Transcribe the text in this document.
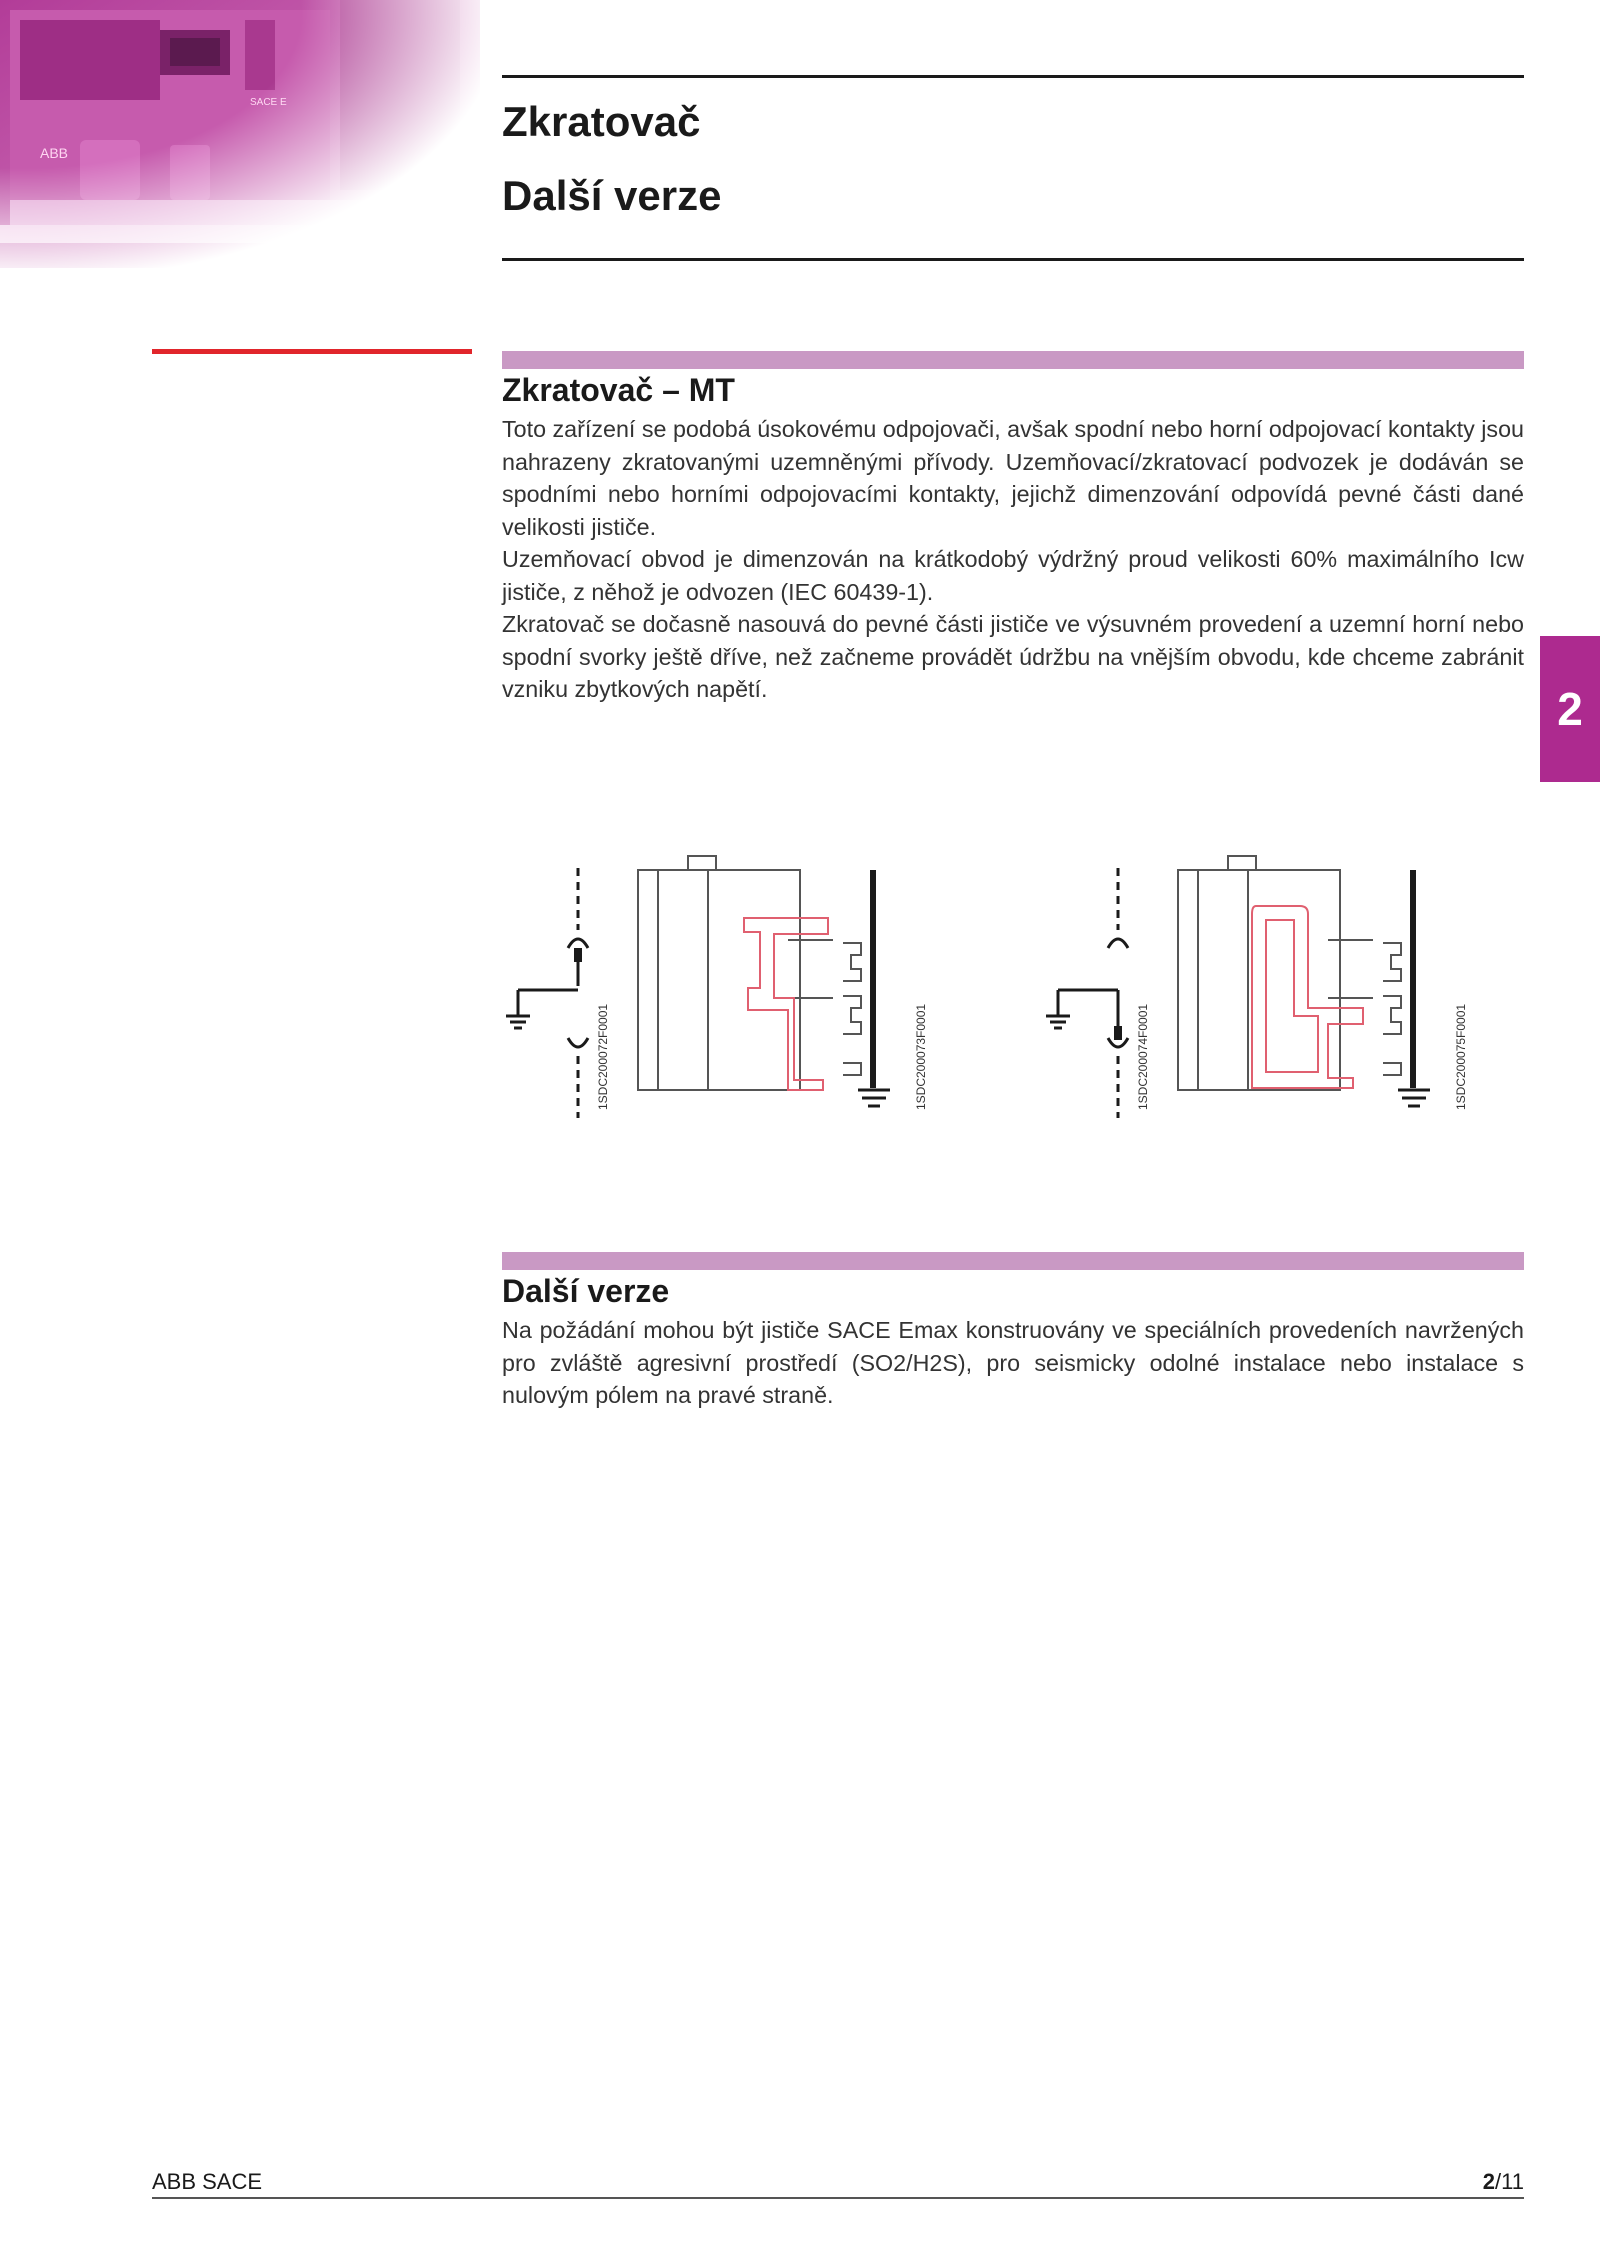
Zkratovač
Další verze
Zkratovač – MT

Toto zařízení se podobá úsokovému odpojovači, avšak spodní nebo horní odpojovací kontakty jsou nahrazeny zkratovanými uzemněnými přívody. Uzemňovací/zkratovací podvozek je dodáván se spodními nebo horními odpojovacími kontakty, jejichž dimenzování odpovídá pevné části dané velikosti jističe.

Uzemňovací obvod je dimenzován na krátkodobý výdržný proud velikosti 60% maximálního Icw jističe, z něhož je odvozen (IEC 60439-1).

Zkratovač se dočasně nasouvá do pevné části jističe ve výsuvném provedení a uzemní horní nebo spodní svorky ještě dříve, než začneme provádět údržbu na vnějším obvodu, kde chceme zabránit vzniku zbytkových napětí.	2
1SDC200072F0001	1SDC200073F0001	1SDC200074F0001	1SDC200075F0001
Další verze

Na požádání mohou být jističe SACE Emax konstruovány ve speciálních provedeních navržených pro zvláště agresivní prostředí (SO2/H2S), pro seismicky odolné instalace nebo instalace s nulovým pólem na pravé straně.

ABB SACE	2/11
